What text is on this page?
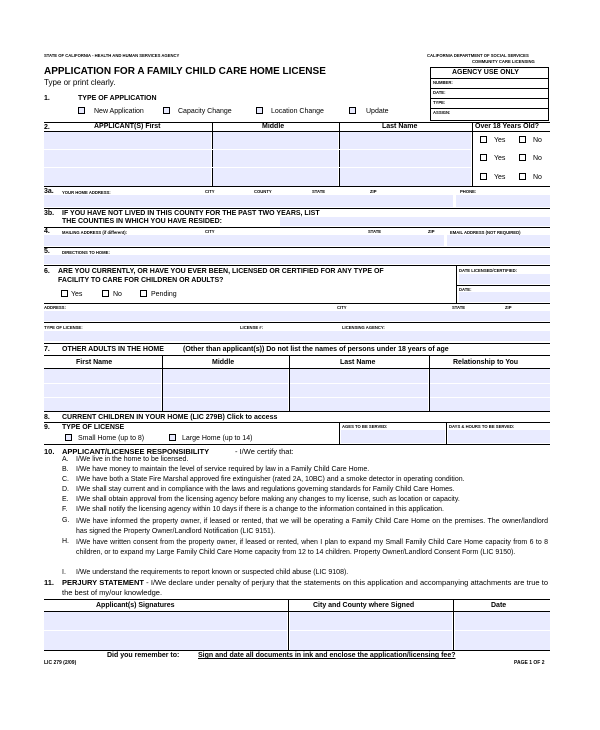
STATE OF CALIFORNIA - HEALTH AND HUMAN SERVICES AGENCY	CALIFORNIA DEPARTMENT OF SOCIAL SERVICES
COMMUNITY CARE LICENSING
APPLICATION FOR A FAMILY CHILD CARE HOME LICENSE
Type or print clearly.
AGENCY USE ONLY
NUMBER:
DATE:
TYPE:
ASSIGN:
1.	TYPE OF APPLICATION
New Application	Capacity Change	Location Change	Update
2.	APPLICANT(S) First	Middle	Last Name	Over 18 Years Old?
Yes	No
Yes	No
Yes	No
3a. YOUR HOME ADDRESS:	CITY	COUNTY	STATE	ZIP	PHONE:
3b. IF YOU HAVE NOT LIVED IN THIS COUNTY FOR THE PAST TWO YEARS, LIST
THE COUNTIES IN WHICH YOU HAVE RESIDED:
4.	MAILING ADDRESS (if different):	CITY	STATE	ZIP	EMAIL ADDRESS (NOT REQUIRED)
5.	DIRECTIONS TO HOME:
6. ARE YOU CURRENTLY, OR HAVE YOU EVER BEEN, LICENSED OR CERTIFIED FOR ANY TYPE OF
FACILITY TO CARE FOR CHILDREN OR ADULTS?
Yes	No	Pending
DATE LICENSED/CERTIFIED:
DATE:
ADDRESS:	CITY	STATE	ZIP
TYPE OF LICENSE:	LICENSE #:	LICENSING AGENCY:
7. OTHER ADULTS IN THE HOME	(Other than applicant(s)) Do not list the names of persons under 18 years of age
First Name	Middle	Last Name	Relationship to You
8. CURRENT CHILDREN IN YOUR HOME (LIC 279B) Click to access
9. TYPE OF LICENSE
Small Home (up to 8)	Large Home (up to 14)
AGES TO BE SERVED:	DAYS & HOURS TO BE SERVED:
10. APPLICANT/LICENSEE RESPONSIBILITY	- I/We certify that:
A. I/We live in the home to be licensed.
B. I/We have money to maintain the level of service required by law in a Family Child Care Home.
C. I/We have both a State Fire Marshal approved fire extinguisher (rated 2A, 10BC) and a smoke detector in operating condition.
D. I/We shall stay current and in compliance with the laws and regulations governing standards for Family Child Care Homes.
E. I/We shall obtain approval from the licensing agency before making any changes to my license, such as location or capacity.
F. I/We shall notify the licensing agency within 10 days if there is a change to the information contained in this application.
G. I/We have informed the property owner, if leased or rented, that we will be operating a Family Child Care Home on the premises. The owner/landlord has signed the Property Owner/Landlord Notification (LIC 9151).
H. I/We have written consent from the property owner, if leased or rented, when I plan to expand my Small Family Child Care Home capacity from 6 to 8 children, or to expand my Large Family Child Care Home capacity from 12 to 14 children. Property Owner/Landlord Consent Form (LIC 9150).
I. I/We understand the requirements to report known or suspected child abuse (LIC 9108).
11. PERJURY STATEMENT - I/We declare under penalty of perjury that the statements on this application and accompanying attachments are true to the best of my/our knowledge.
Applicant(s) Signatures	City and County where Signed	Date
Did you remember to:	Sign and date all documents in ink and enclose the application/licensing fee?
LIC 279 (2/09)	PAGE 1 OF 2
